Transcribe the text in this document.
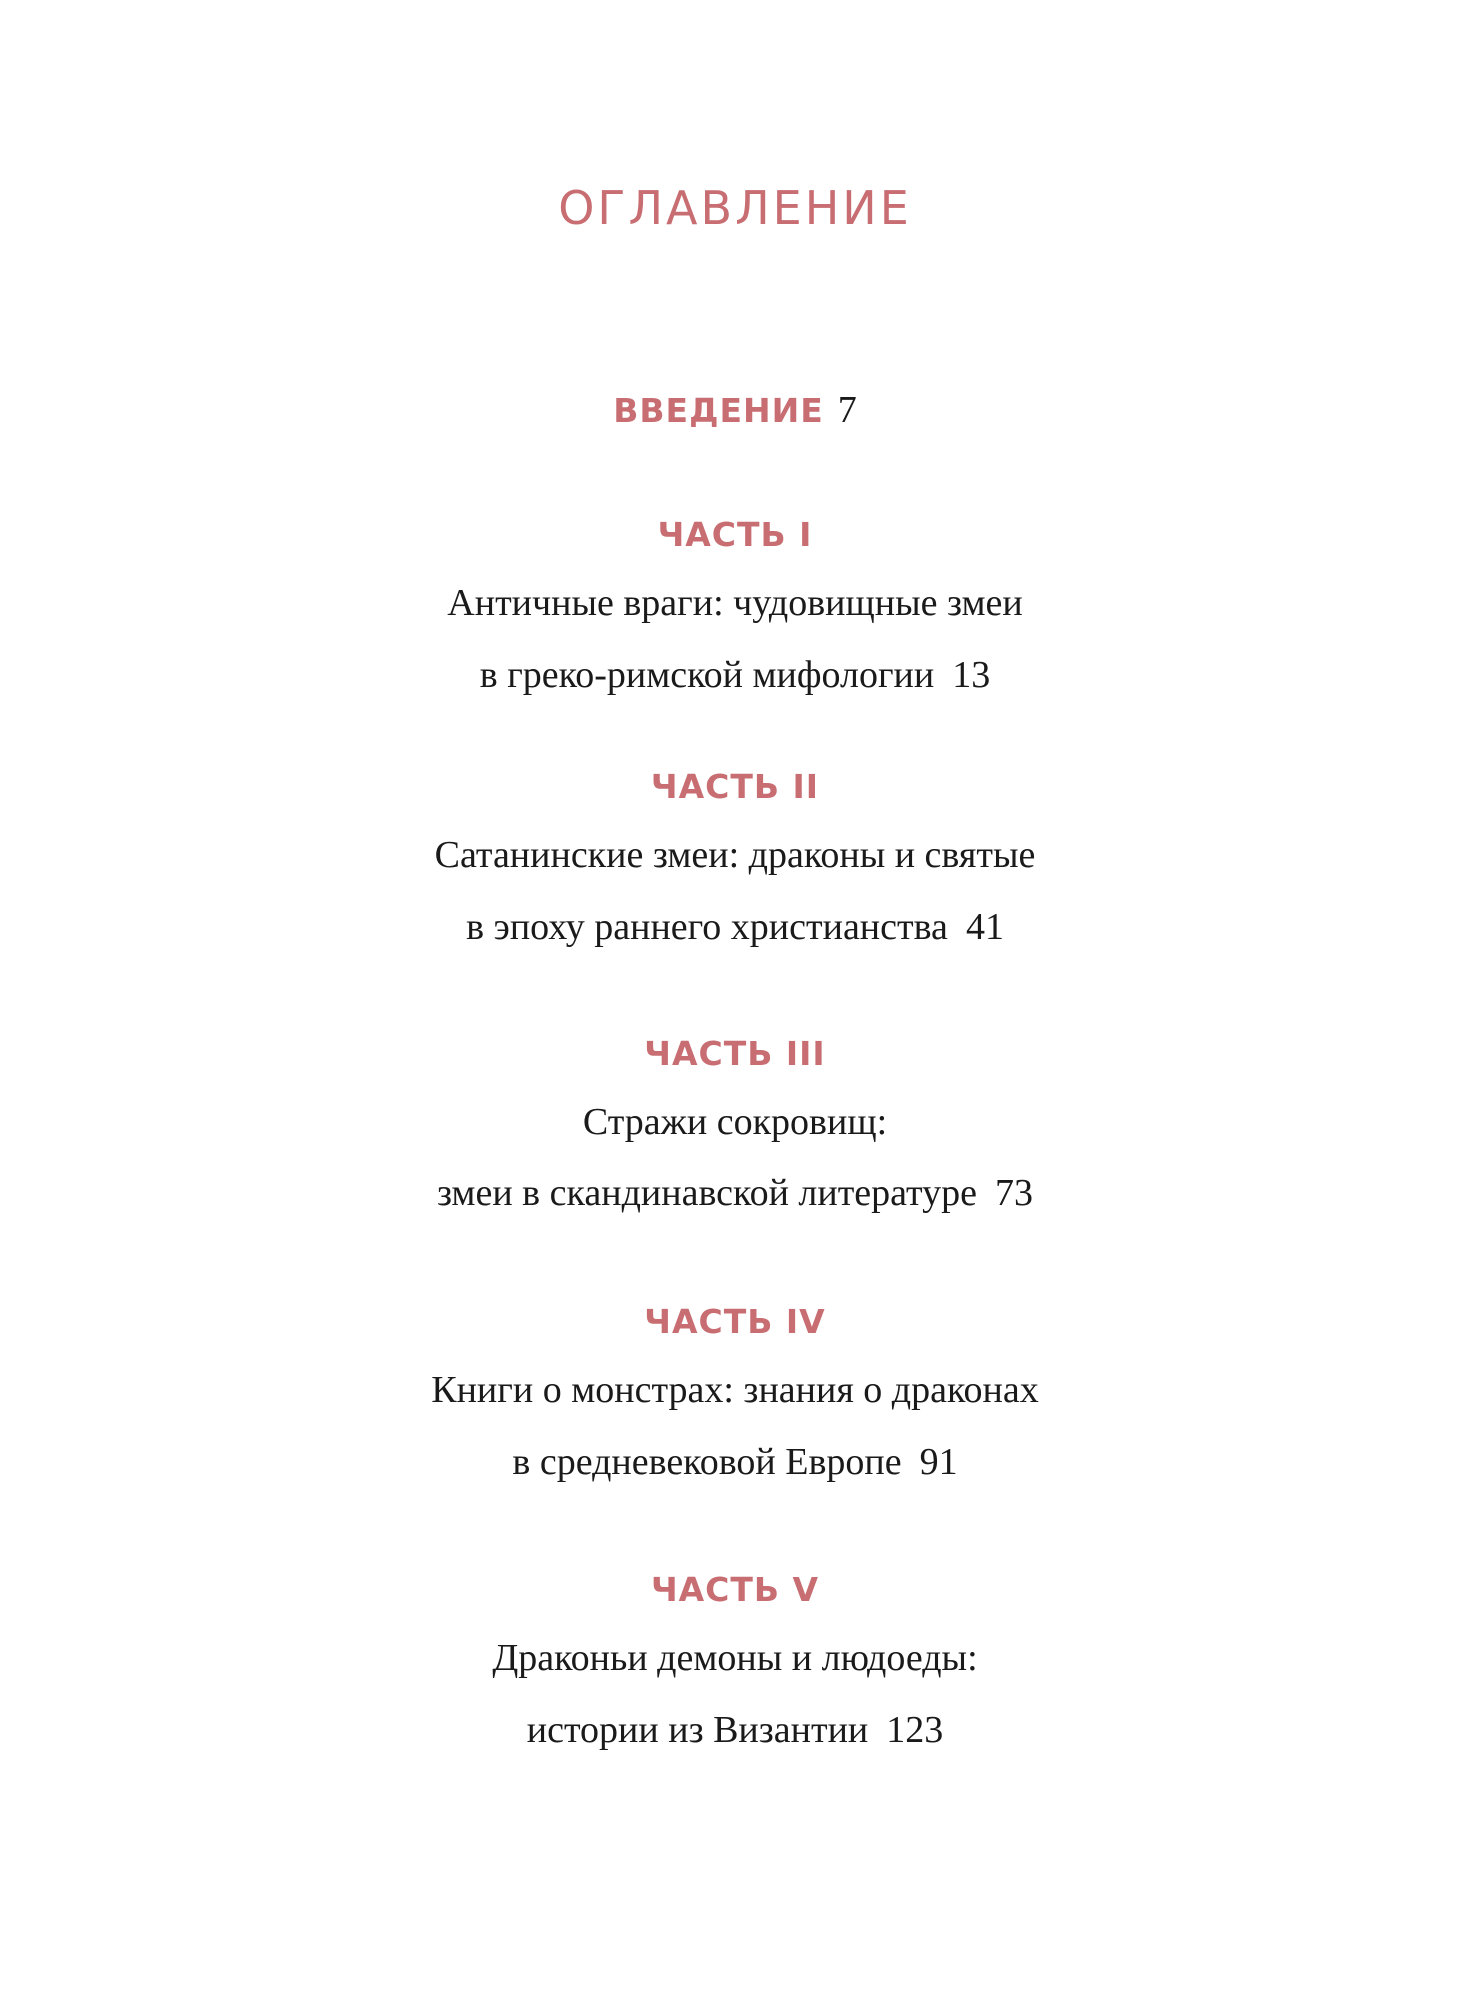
ОГЛАВЛЕНИЕ
ВВЕДЕНИЕ 7
ЧАСТЬ I
Античные враги: чудовищные змеи
в греко-римской мифологии 13
ЧАСТЬ II
Сатанинские змеи: драконы и святые
в эпоху раннего христианства 41
ЧАСТЬ III
Стражи сокровищ:
змеи в скандинавской литературе 73
ЧАСТЬ IV
Книги о монстрах: знания о драконах
в средневековой Европе 91
ЧАСТЬ V
Драконьи демоны и людоеды:
истории из Византии 123
